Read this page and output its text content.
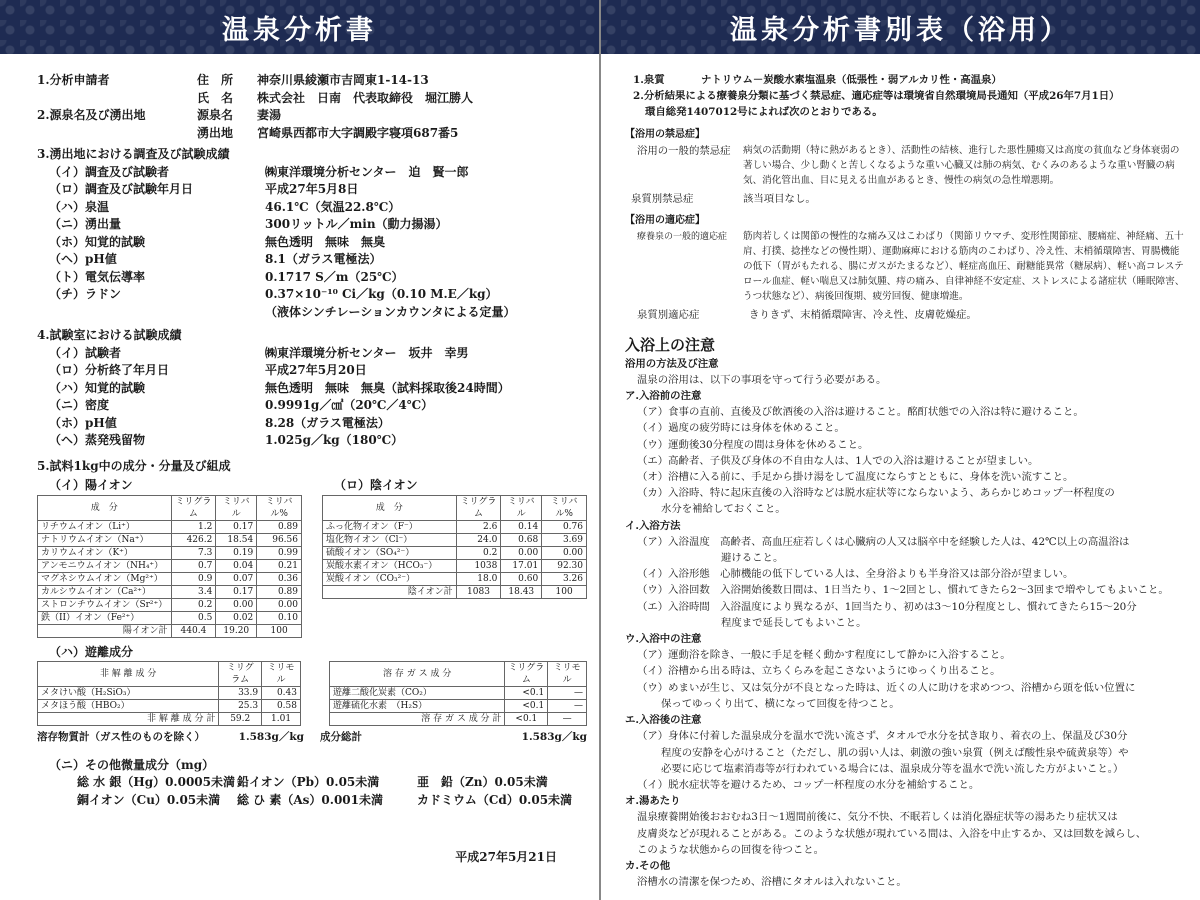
温泉分析書	温泉分析書別表（浴用）
1.分析申請者	住　所	神奈川県綾瀬市吉岡東1-14-13
氏　名	株式会社　日南　代表取締役　堀江勝人
2.源泉名及び湧出地	源泉名	妻湯
湧出地	宮崎県西都市大字調殿字寝項687番5
3.湧出地における調査及び試験成績
（イ）調査及び試験者	㈱東洋環境分析センター　迫　賢一郎
（ロ）調査及び試験年月日	平成27年5月8日
（ハ）泉温	46.1℃（気温22.8℃）
（ニ）湧出量	300リットル／min（動力揚湯）
（ホ）知覚的試験	無色透明　無味　無臭
（ヘ）pH値	8.1（ガラス電極法）
（ト）電気伝導率	0.1717 S／m（25℃）
（チ）ラドン	0.37×10⁻¹⁰ Ci／kg（0.10 M.E／kg）
（液体シンチレーションカウンタによる定量）
4.試験室における試験成績
（イ）試験者	㈱東洋環境分析センター　坂井　幸男
（ロ）分析終了年月日	平成27年5月20日
（ハ）知覚的試験	無色透明　無味　無臭（試料採取後24時間）
（ニ）密度	0.9991g／㎤（20℃／4℃）
（ホ）pH値	8.28（ガラス電極法）
（ヘ）蒸発残留物	1.025g／kg（180℃）
5.試料1kg中の成分・分量及び組成
（イ）陽イオン
成　分	ミリグラム	ミリバル	ミリバル%
リチウムイオン（Li⁺）	1.2	0.17	0.89
ナトリウムイオン（Na⁺）	426.2	18.54	96.56
カリウムイオン（K⁺）	7.3	0.19	0.99
アンモニウムイオン（NH₄⁺）	0.7	0.04	0.21
マグネシウムイオン（Mg²⁺）	0.9	0.07	0.36
カルシウムイオン（Ca²⁺）	3.4	0.17	0.89
ストロンチウムイオン（Sr²⁺）	0.2	0.00	0.00
鉄（II）イオン（Fe²⁺）	0.5	0.02	0.10
陽イオン計	440.4	19.20	100
（ロ）陰イオン
成　分	ミリグラム	ミリバル	ミリバル%
ふっ化物イオン（F⁻）	2.6	0.14	0.76
塩化物イオン（Cl⁻）	24.0	0.68	3.69
硫酸イオン（SO₄²⁻）	0.2	0.00	0.00
炭酸水素イオン（HCO₃⁻）	1038	17.01	92.30
炭酸イオン（CO₃²⁻）	18.0	0.60	3.26
陰イオン計	1083	18.43	100
（ハ）遊離成分
非 解 離 成 分	ミリグラム	ミリモル
メタけい酸（H₂SiO₃）	33.9	0.43
メタほう酸（HBO₂）	25.3	0.58
非 解 離 成 分 計	59.2	1.01
溶 存 ガ ス 成 分	ミリグラム	ミリモル
遊離二酸化炭素（CO₂）	<0.1	—
遊離硫化水素　（H₂S）	<0.1	—
溶 存 ガ ス 成 分 計	<0.1	—
溶存物質計（ガス性のものを除く）	1.583g／kg	成分総計	1.583g／kg
（ニ）その他微量成分（mg）
総 水 銀（Hg）0.0005未満 鉛イオン（Pb）0.05未満	亜　鉛（Zn）0.05未満
銅イオン（Cu）0.05未満	総 ひ 素（As）0.001未満	カドミウム（Cd）0.05未満
平成27年5月21日
1.泉質	ナトリウム－炭酸水素塩温泉（低張性・弱アルカリ性・高温泉）
2.分析結果による療養泉分類に基づく禁忌症、適応症等は環境省自然環境局長通知（平成26年7月1日）
環自総発1407012号によれば次のとおりである。
【浴用の禁忌症】
浴用の一般的禁忌症	病気の活動期（特に熱があるとき）、活動性の結核、進行した悪性腫瘍又は高度の貧血など身体衰弱の著しい場合、少し動くと苦しくなるような重い心臓又は肺の病気、むくみのあるような重い腎臓の病気、消化管出血、目に見える出血があるとき、慢性の病気の急性増悪期。
泉質別禁忌症	該当項目なし。
【浴用の適応症】
療養泉の一般的適応症	筋肉若しくは関節の慢性的な痛み又はこわばり（関節リウマチ、変形性関節症、腰痛症、神経痛、五十肩、打撲、捻挫などの慢性期）、運動麻痺における筋肉のこわばり、冷え性、末梢循環障害、胃腸機能の低下（胃がもたれる、腸にガスがたまるなど）、軽症高血圧、耐糖能異常（糖尿病）、軽い高コレステロール血症、軽い喘息又は肺気腫、痔の痛み、自律神経不安定症、ストレスによる諸症状（睡眠障害、うつ状態など）、病後回復期、疲労回復、健康増進。
泉質別適応症	きりきず、末梢循環障害、冷え性、皮膚乾燥症。
入浴上の注意
浴用の方法及び注意
温泉の浴用は、以下の事項を守って行う必要がある。
ア.入浴前の注意
（ア）食事の直前、直後及び飲酒後の入浴は避けること。酩酊状態での入浴は特に避けること。
（イ）過度の疲労時には身体を休めること。
（ウ）運動後30分程度の間は身体を休めること。
（エ）高齢者、子供及び身体の不自由な人は、1人での入浴は避けることが望ましい。
（オ）浴槽に入る前に、手足から掛け湯をして温度にならすとともに、身体を洗い流すこと。
（カ）入浴時、特に起床直後の入浴時などは脱水症状等にならないよう、あらかじめコップ一杯程度の
水分を補給しておくこと。
イ.入浴方法
（ア）入浴温度　高齢者、高血圧症若しくは心臓病の人又は脳卒中を経験した人は、42℃以上の高温浴は
避けること。
（イ）入浴形態　心肺機能の低下している人は、全身浴よりも半身浴又は部分浴が望ましい。
（ウ）入浴回数　入浴開始後数日間は、1日当たり、1〜2回とし、慣れてきたら2〜3回まで増やしてもよいこと。
（エ）入浴時間　入浴温度により異なるが、1回当たり、初めは3〜10分程度とし、慣れてきたら15〜20分
程度まで延長してもよいこと。
ウ.入浴中の注意
（ア）運動浴を除き、一般に手足を軽く動かす程度にして静かに入浴すること。
（イ）浴槽から出る時は、立ちくらみを起こさないようにゆっくり出ること。
（ウ）めまいが生じ、又は気分が不良となった時は、近くの人に助けを求めつつ、浴槽から頭を低い位置に
保ってゆっくり出て、横になって回復を待つこと。
エ.入浴後の注意
（ア）身体に付着した温泉成分を温水で洗い流さず、タオルで水分を拭き取り、着衣の上、保温及び30分
程度の安静を心がけること（ただし、肌の弱い人は、刺激の強い泉質（例えば酸性泉や硫黄泉等）や
必要に応じて塩素消毒等が行われている場合には、温泉成分等を温水で洗い流した方がよいこと。）
（イ）脱水症状等を避けるため、コップ一杯程度の水分を補給すること。
オ.湯あたり
温泉療養開始後おおむね3日〜1週間前後に、気分不快、不眠若しくは消化器症状等の湯あたり症状又は
皮膚炎などが現れることがある。このような状態が現れている間は、入浴を中止するか、又は回数を減らし、
このような状態からの回復を待つこと。
カ.その他
浴槽水の清潔を保つため、浴槽にタオルは入れないこと。
